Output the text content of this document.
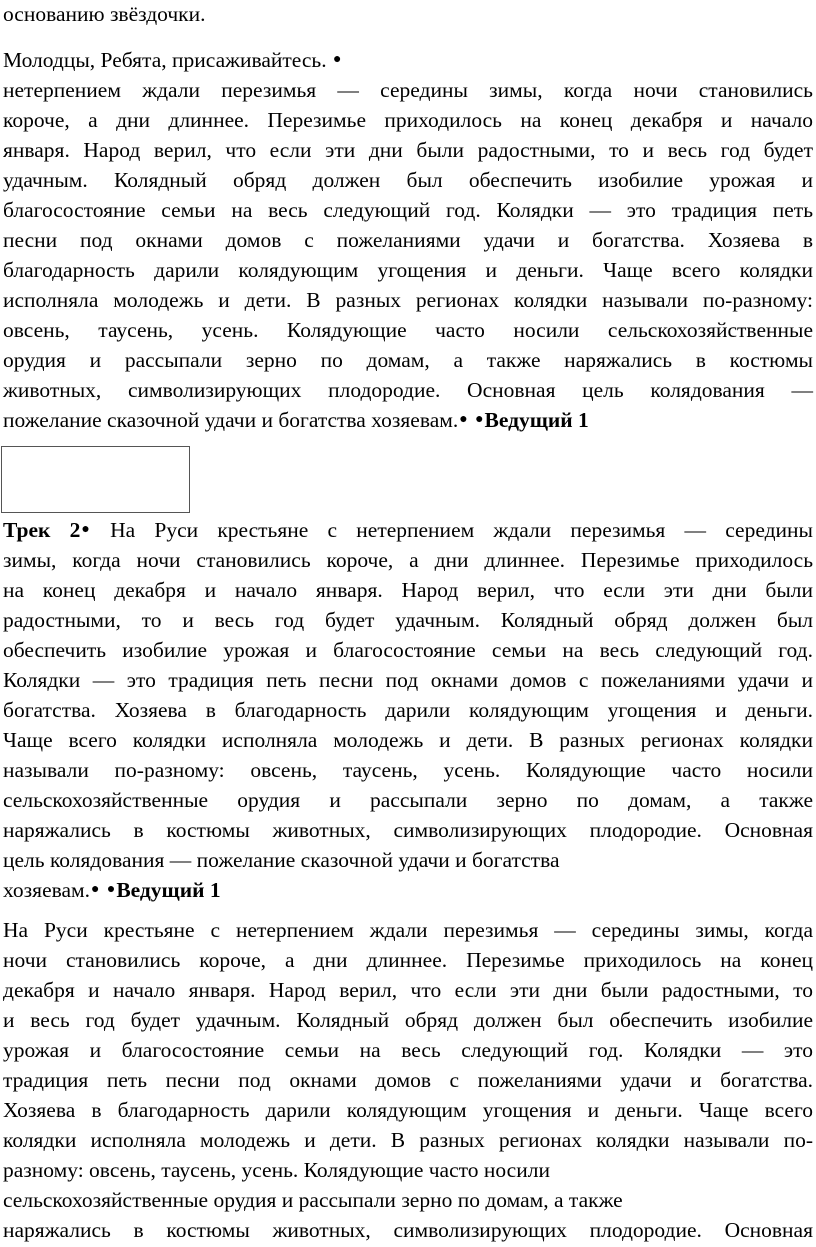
основанию звёздочки.
Молодцы, Ребята, присаживайтесь. ●
нетерпением ждали перезимья — середины зимы, когда ночи становились
короче, а дни длиннее. Перезимье приходилось на конец декабря и начало
января. Народ верил, что если эти дни были радостными, то и весь год будет
удачным. Колядный обряд должен был обеспечить изобилие урожая и
благосостояние семьи на весь следующий год. Колядки — это традиция петь
песни под окнами домов с пожеланиями удачи и богатства. Хозяева в
благодарность дарили колядующим угощения и деньги. Чаще всего колядки
исполняла молодежь и дети. В разных регионах колядки называли по-разному:
овсень, таусень, усень. Колядующие часто носили сельскохозяйственные
орудия и рассыпали зерно по домам, а также наряжались в костюмы
животных, символизирующих плодородие. Основная цель колядования —
пожелание сказочной удачи и богатства хозяевам.● ●Ведущий 1
Трек 2● На Руси крестьяне с нетерпением ждали перезимья — середины
зимы, когда ночи становились короче, а дни длиннее. Перезимье приходилось
на конец декабря и начало января. Народ верил, что если эти дни были
радостными, то и весь год будет удачным. Колядный обряд должен был
обеспечить изобилие урожая и благосостояние семьи на весь следующий год.
Колядки — это традиция петь песни под окнами домов с пожеланиями удачи и
богатства. Хозяева в благодарность дарили колядующим угощения и деньги.
Чаще всего колядки исполняла молодежь и дети. В разных регионах колядки
называли по-разному: овсень, таусень, усень. Колядующие часто носили
сельскохозяйственные орудия и рассыпали зерно по домам, а также
наряжались в костюмы животных, символизирующих плодородие. Основная
цель колядования — пожелание сказочной удачи и богатства
хозяевам.● ●Ведущий 1
На Руси крестьяне с нетерпением ждали перезимья — середины зимы, когда
ночи становились короче, а дни длиннее. Перезимье приходилось на конец
декабря и начало января. Народ верил, что если эти дни были радостными, то
и весь год будет удачным. Колядный обряд должен был обеспечить изобилие
урожая и благосостояние семьи на весь следующий год. Колядки — это
традиция петь песни под окнами домов с пожеланиями удачи и богатства.
Хозяева в благодарность дарили колядующим угощения и деньги. Чаще всего
колядки исполняла молодежь и дети. В разных регионах колядки называли по-
разному: овсень, таусень, усень. Колядующие часто носили
сельскохозяйственные орудия и рассыпали зерно по домам, а также
наряжались в костюмы животных, символизирующих плодородие. Основная
